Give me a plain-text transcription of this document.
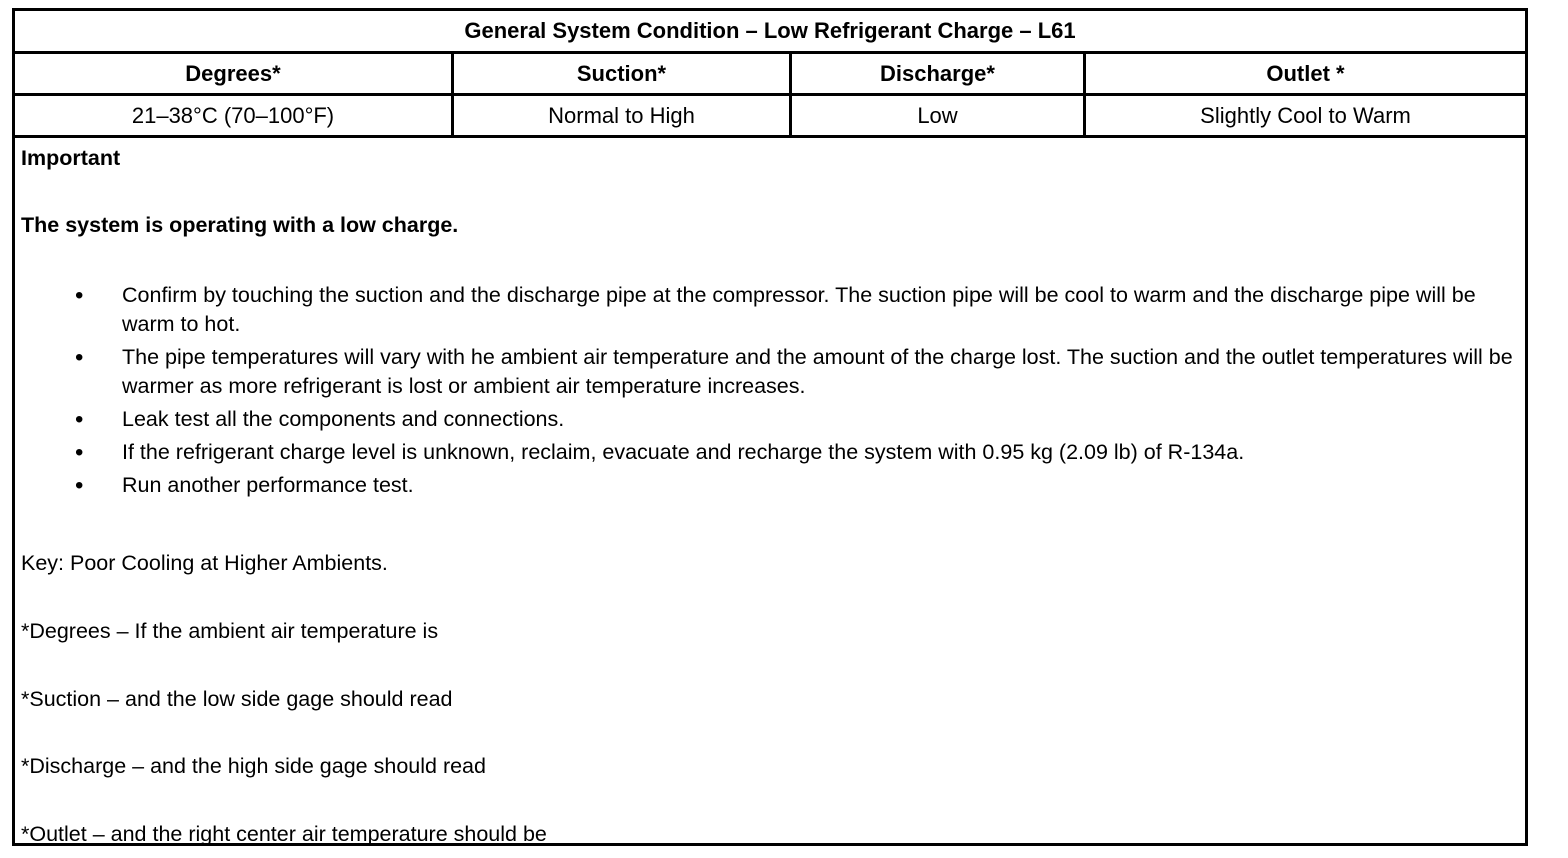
General System Condition – Low Refrigerant Charge – L61
Degrees*	Suction*	Discharge*	Outlet *
21–38°C (70–100°F)	Normal to High	Low	Slightly Cool to Warm
Important
The system is operating with a low charge.
• Confirm by touching the suction and the discharge pipe at the compressor. The suction pipe will be cool to warm and the discharge pipe will be warm to hot.
• The pipe temperatures will vary with he ambient air temperature and the amount of the charge lost. The suction and the outlet temperatures will be warmer as more refrigerant is lost or ambient air temperature increases.
• Leak test all the components and connections.
• If the refrigerant charge level is unknown, reclaim, evacuate and recharge the system with 0.95 kg (2.09 lb) of R-134a.
• Run another performance test.
Key: Poor Cooling at Higher Ambients.
*Degrees – If the ambient air temperature is
*Suction – and the low side gage should read
*Discharge – and the high side gage should read
*Outlet – and the right center air temperature should be
